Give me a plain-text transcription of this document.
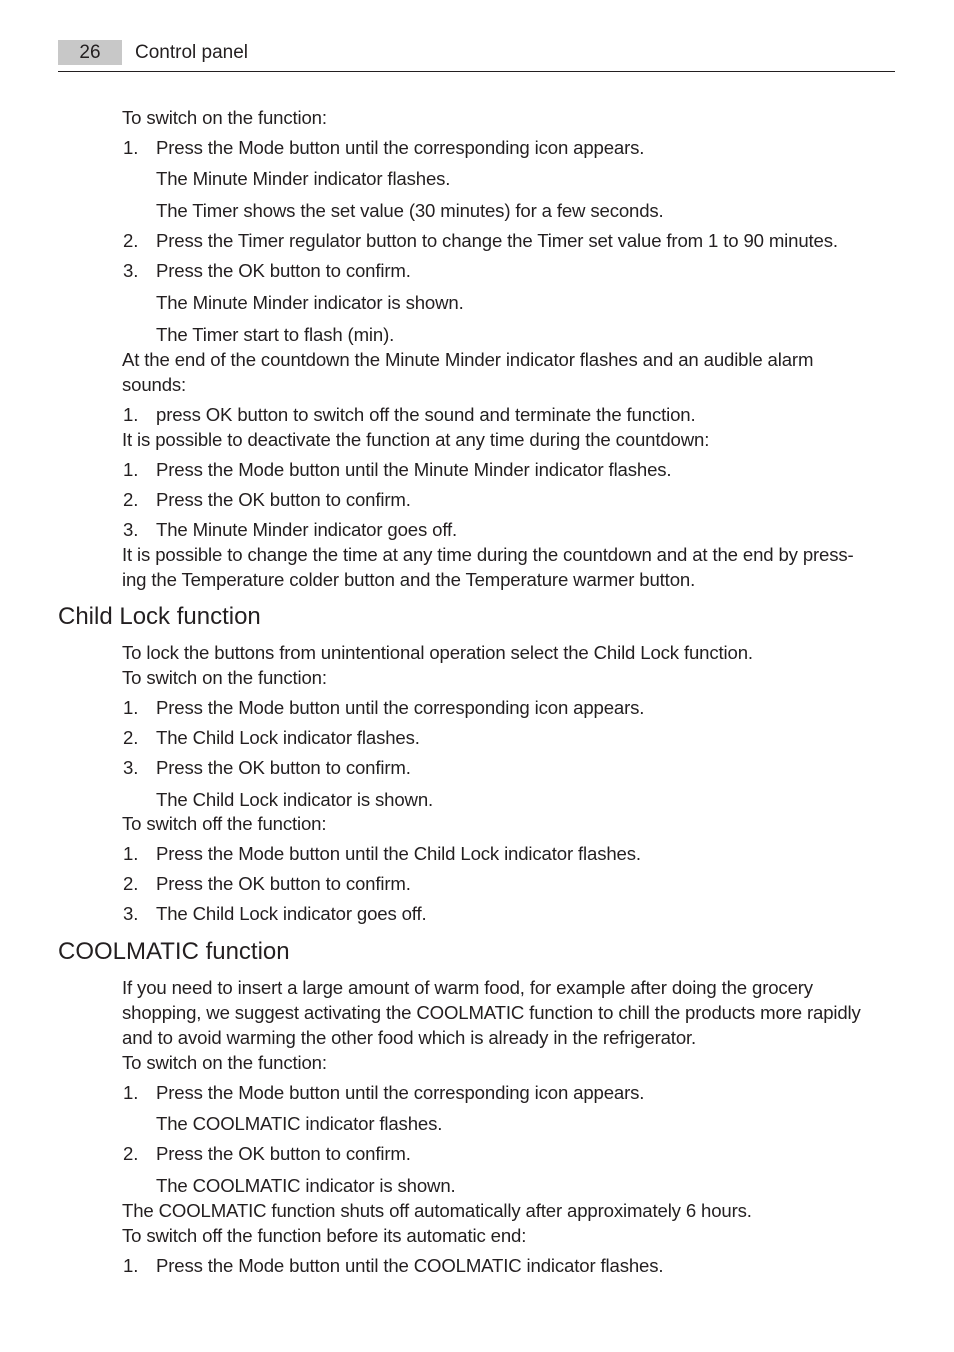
26	Control panel
To switch on the function:
1. Press the Mode button until the corresponding icon appears.
The Minute Minder indicator flashes.
The Timer shows the set value (30 minutes) for a few seconds.
2. Press the Timer regulator button to change the Timer set value from 1 to 90 minutes.
3. Press the OK button to confirm.
The Minute Minder indicator is shown.
The Timer start to flash (min).
At the end of the countdown the Minute Minder indicator flashes and an audible alarm
sounds:
1. press OK button to switch off the sound and terminate the function.
It is possible to deactivate the function at any time during the countdown:
1. Press the Mode button until the Minute Minder indicator flashes.
2. Press the OK button to confirm.
3. The Minute Minder indicator goes off.
It is possible to change the time at any time during the countdown and at the end by press-
ing the Temperature colder button and the Temperature warmer button.
Child Lock function
To lock the buttons from unintentional operation select the Child Lock function.
To switch on the function:
1. Press the Mode button until the corresponding icon appears.
2. The Child Lock indicator flashes.
3. Press the OK button to confirm.
The Child Lock indicator is shown.
To switch off the function:
1. Press the Mode button until the Child Lock indicator flashes.
2. Press the OK button to confirm.
3. The Child Lock indicator goes off.
COOLMATIC function
If you need to insert a large amount of warm food, for example after doing the grocery
shopping, we suggest activating the COOLMATIC function to chill the products more rapidly
and to avoid warming the other food which is already in the refrigerator.
To switch on the function:
1. Press the Mode button until the corresponding icon appears.
The COOLMATIC indicator flashes.
2. Press the OK button to confirm.
The COOLMATIC indicator is shown.
The COOLMATIC function shuts off automatically after approximately 6 hours.
To switch off the function before its automatic end:
1. Press the Mode button until the COOLMATIC indicator flashes.
